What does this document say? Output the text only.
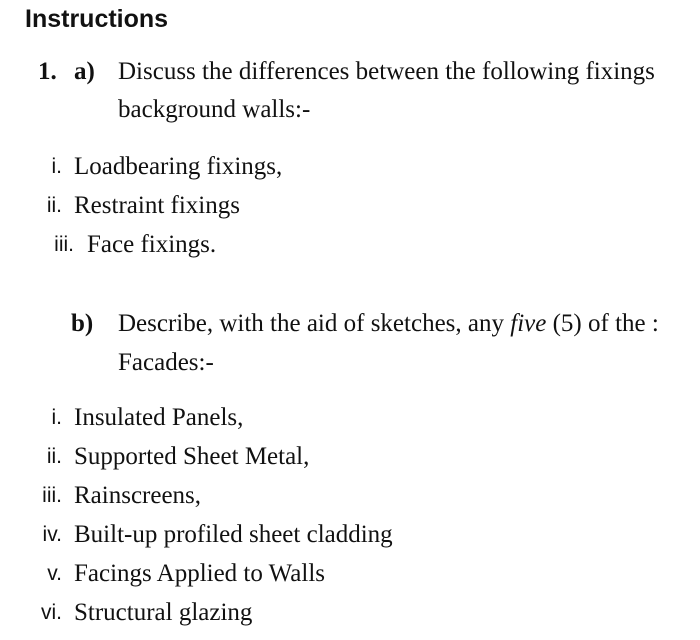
Instructions
1. a) Discuss the differences between the following fixings
background walls:-
i. Loadbearing fixings,
ii. Restraint fixings
iii. Face fixings.
b) Describe, with the aid of sketches, any five (5) of the :
Facades:-
i. Insulated Panels,
ii. Supported Sheet Metal,
iii. Rainscreens,
iv. Built-up profiled sheet cladding
v. Facings Applied to Walls
vi. Structural glazing
